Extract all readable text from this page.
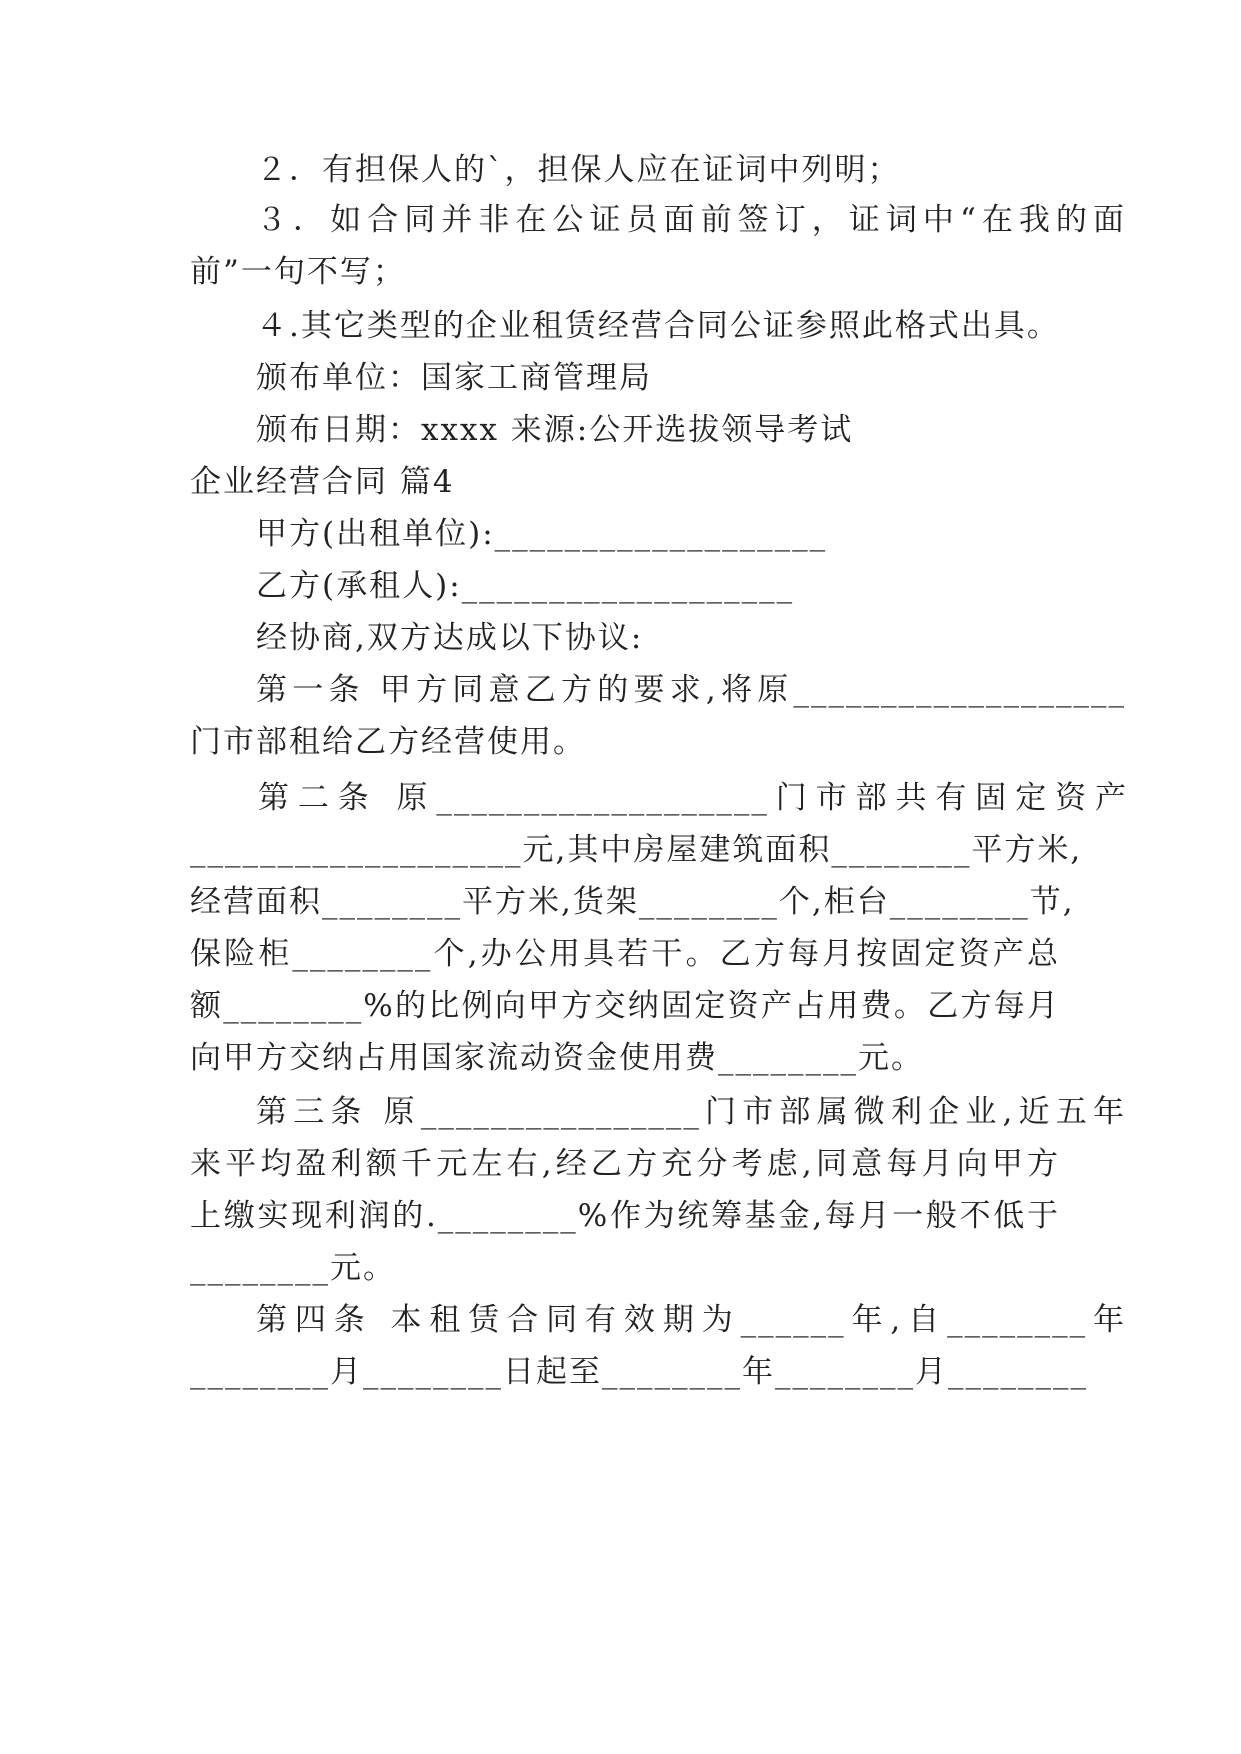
２．有担保人的`，担保人应在证词中列明；
３．如合同并非在公证员面前签订，证词中“在我的面
前”一句不写；
４.其它类型的企业租赁经营合同公证参照此格式出具。
颁布单位：国家工商管理局
颁布日期：xxxx 来源:公开选拔领导考试
企业经营合同 篇4
甲方(出租单位):___________________
乙方(承租人):___________________
经协商,双方达成以下协议:
第一条 甲方同意乙方的要求,将原___________________
门市部租给乙方经营使用。
第二条 原___________________门市部共有固定资产
___________________元,其中房屋建筑面积________平方米,
经营面积________平方米,货架________个,柜台________节,
保险柜________个,办公用具若干。乙方每月按固定资产总
额________%的比例向甲方交纳固定资产占用费。乙方每月
向甲方交纳占用国家流动资金使用费________元。
第三条 原________________门市部属微利企业,近五年
来平均盈利额千元左右,经乙方充分考虑,同意每月向甲方
上缴实现利润的.________%作为统筹基金,每月一般不低于
________元。
第四条 本租赁合同有效期为______年,自________年
________月________日起至________年________月________
